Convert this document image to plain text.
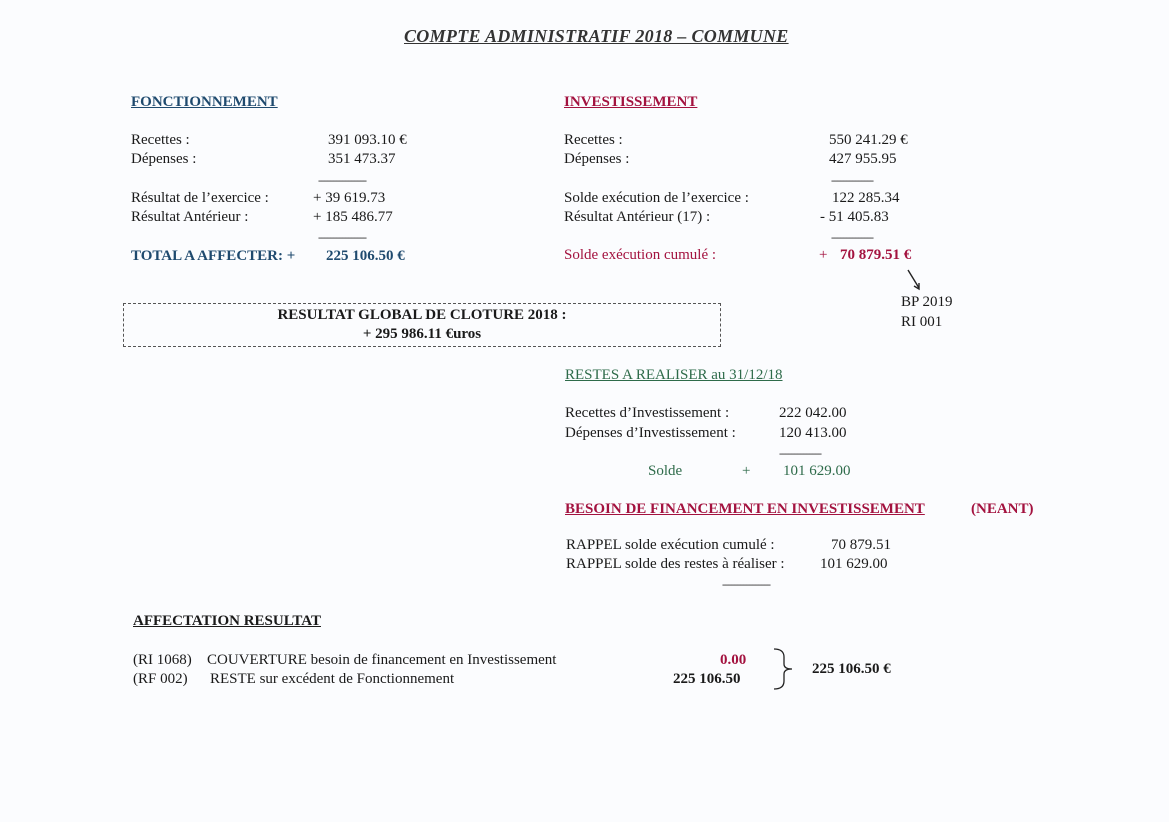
COMPTE ADMINISTRATIF 2018 – COMMUNE
FONCTIONNEMENT
Recettes :	391 093.10 €
Dépenses :	351 473.37
----------------
Résultat de l’exercice :	+ 39 619.73
Résultat Antérieur :	+ 185 486.77
----------------
TOTAL A AFFECTER: + 225 106.50 €
INVESTISSEMENT
Recettes :	550 241.29 €
Dépenses :	427 955.95
--------------
Solde exécution de l’exercice :	122 285.34
Résultat Antérieur (17) :	- 51 405.83
--------------
Solde exécution cumulé :	+ 70 879.51 €
BP 2019
RI 001
RESULTAT GLOBAL DE CLOTURE 2018 :
+ 295 986.11 €uros
RESTES A REALISER au 31/12/18
Recettes d’Investissement :	222 042.00
Dépenses d’Investissement :	120 413.00
--------------
Solde	+ 101 629.00
BESOIN DE FINANCEMENT EN INVESTISSEMENT	(NEANT)
RAPPEL solde exécution cumulé :	70 879.51
RAPPEL solde des restes à réaliser : 101 629.00
----------------
AFFECTATION RESULTAT
(RI 1068) COUVERTURE besoin de financement en Investissement	0.00
(RF 002) RESTE sur excédent de Fonctionnement	225 106.50
225 106.50 €
